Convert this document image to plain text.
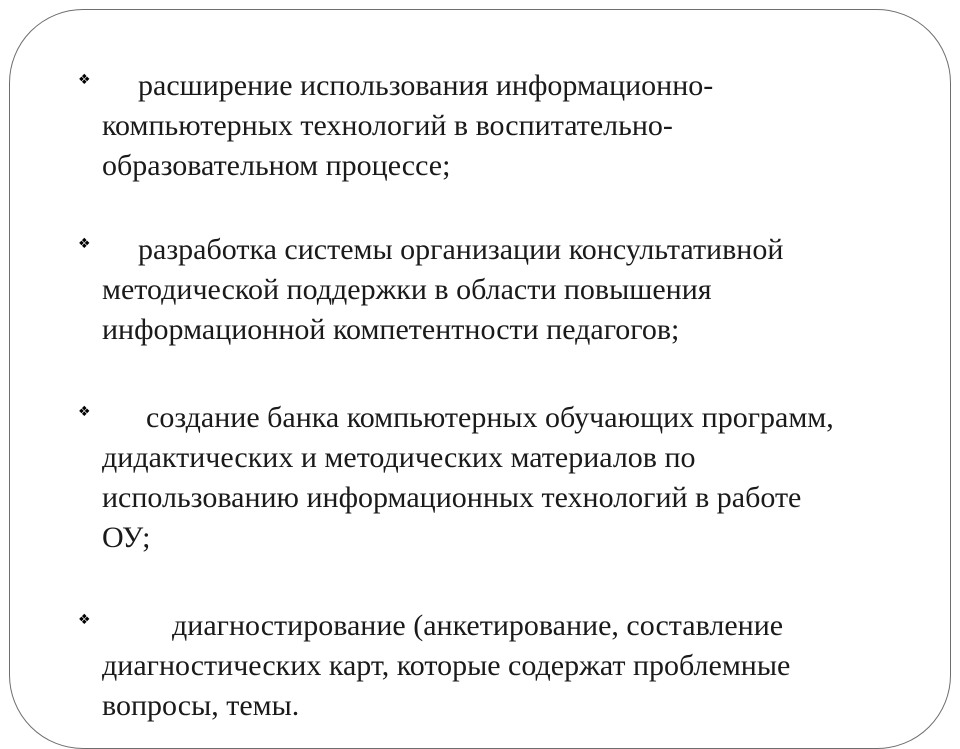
❖	расширение использования информационно-
компьютерных технологий в воспитательно-
образовательном процессе;
❖	разработка системы организации консультативной
методической поддержки в области повышения
информационной компетентности педагогов;
❖	создание банка компьютерных обучающих программ,
дидактических и методических материалов по
использованию информационных технологий в работе
ОУ;
❖	диагностирование (анкетирование, составление
диагностических карт, которые содержат проблемные
вопросы, темы.
